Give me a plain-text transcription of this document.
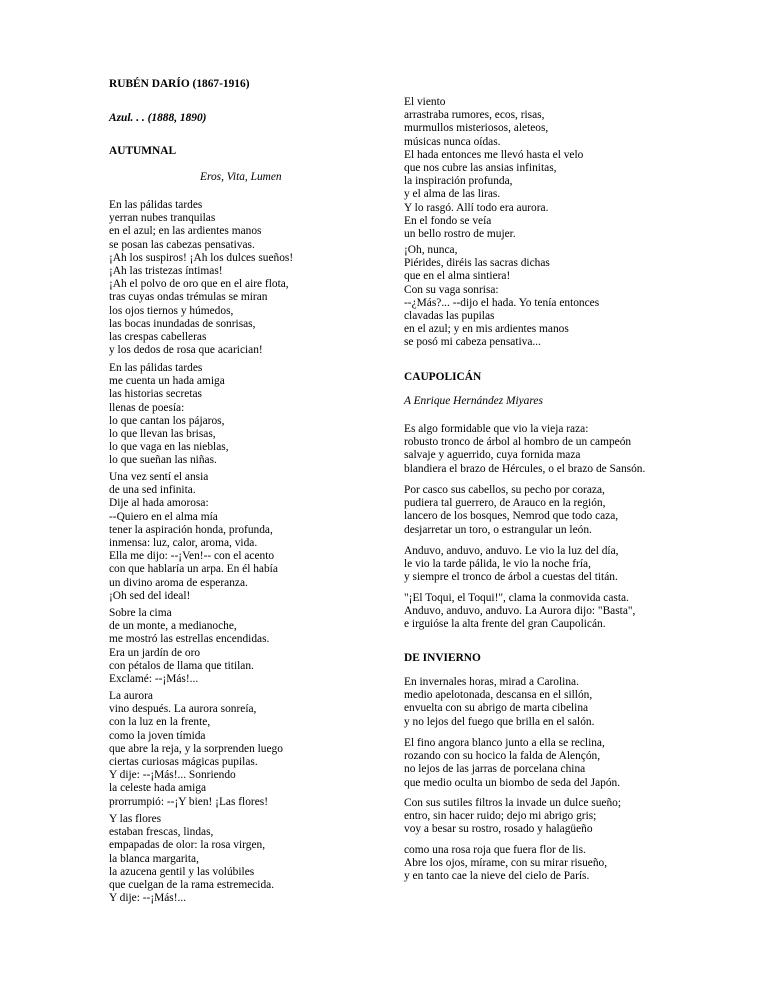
RUBÉN DARÍO (1867-1916)
Azul. . . (1888, 1890)
AUTUMNAL
Eros, Vita, Lumen
En las pálidas tardes
yerran nubes tranquilas
en el azul; en las ardientes manos
se posan las cabezas pensativas.
¡Ah los suspiros! ¡Ah los dulces sueños!
¡Ah las tristezas íntimas!
¡Ah el polvo de oro que en el aire flota,
tras cuyas ondas trémulas se miran
los ojos tiernos y húmedos,
las bocas inundadas de sonrisas,
las crespas cabelleras
y los dedos de rosa que acarician!
En las pálidas tardes
me cuenta un hada amiga
las historias secretas
llenas de poesía:
lo que cantan los pájaros,
lo que llevan las brisas,
lo que vaga en las nieblas,
lo que sueñan las niñas.
Una vez sentí el ansia
de una sed infinita.
Dije al hada amorosa:
--Quiero en el alma mía
tener la aspiración honda, profunda,
inmensa: luz, calor, aroma, vida.
Ella me dijo: --¡Ven!-- con el acento
con que hablaría un arpa. En él había
un divino aroma de esperanza.
¡Oh sed del ideal!
Sobre la cima
de un monte, a medianoche,
me mostró las estrellas encendidas.
Era un jardín de oro
con pétalos de llama que titilan.
Exclamé: --¡Más!...
La aurora
vino después. La aurora sonreía,
con la luz en la frente,
como la joven tímida
que abre la reja, y la sorprenden luego
ciertas curiosas mágicas pupilas.
Y dije: --¡Más!... Sonriendo
la celeste hada amiga
prorrumpió: --¡Y bien! ¡Las flores!
Y las flores
estaban frescas, lindas,
empapadas de olor: la rosa virgen,
la blanca margarita,
la azucena gentil y las volúbiles
que cuelgan de la rama estremecida.
Y dije: --¡Más!...
El viento
arrastraba rumores, ecos, risas,
murmullos misteriosos, aleteos,
músicas nunca oídas.
El hada entonces me llevó hasta el velo
que nos cubre las ansias infinitas,
la inspiración profunda,
y el alma de las liras.
Y lo rasgó. Allí todo era aurora.
En el fondo se veía
un bello rostro de mujer.
¡Oh, nunca,
Piérides, diréis las sacras dichas
que en el alma sintiera!
Con su vaga sonrisa:
--¿Más?... --dijo el hada. Yo tenía entonces
clavadas las pupilas
en el azul; y en mis ardientes manos
se posó mi cabeza pensativa...
CAUPOLICÁN
A Enrique Hernández Miyares
Es algo formidable que vio la vieja raza:
robusto tronco de árbol al hombro de un campeón
salvaje y aguerrido, cuya fornida maza
blandiera el brazo de Hércules, o el brazo de Sansón.
Por casco sus cabellos, su pecho por coraza,
pudiera tal guerrero, de Arauco en la región,
lancero de los bosques, Nemrod que todo caza,
desjarretar un toro, o estrangular un león.
Anduvo, anduvo, anduvo. Le vio la luz del día,
le vio la tarde pálida, le vio la noche fría,
y siempre el tronco de árbol a cuestas del titán.
"¡El Toqui, el Toqui!", clama la conmovida casta.
Anduvo, anduvo, anduvo. La Aurora dijo: "Basta",
e irguióse la alta frente del gran Caupolicán.
DE INVIERNO
En invernales horas, mirad a Carolina.
medio apelotonada, descansa en el sillón,
envuelta con su abrigo de marta cibelina
y no lejos del fuego que brilla en el salón.
El fino angora blanco junto a ella se reclina,
rozando con su hocico la falda de Alençón,
no lejos de las jarras de porcelana china
que medio oculta un biombo de seda del Japón.
Con sus sutiles filtros la invade un dulce sueño;
entro, sin hacer ruido; dejo mi abrigo gris;
voy a besar su rostro, rosado y halagüeño
como una rosa roja que fuera flor de lis.
Abre los ojos, mírame, con su mirar risueño,
y en tanto cae la nieve del cielo de París.
